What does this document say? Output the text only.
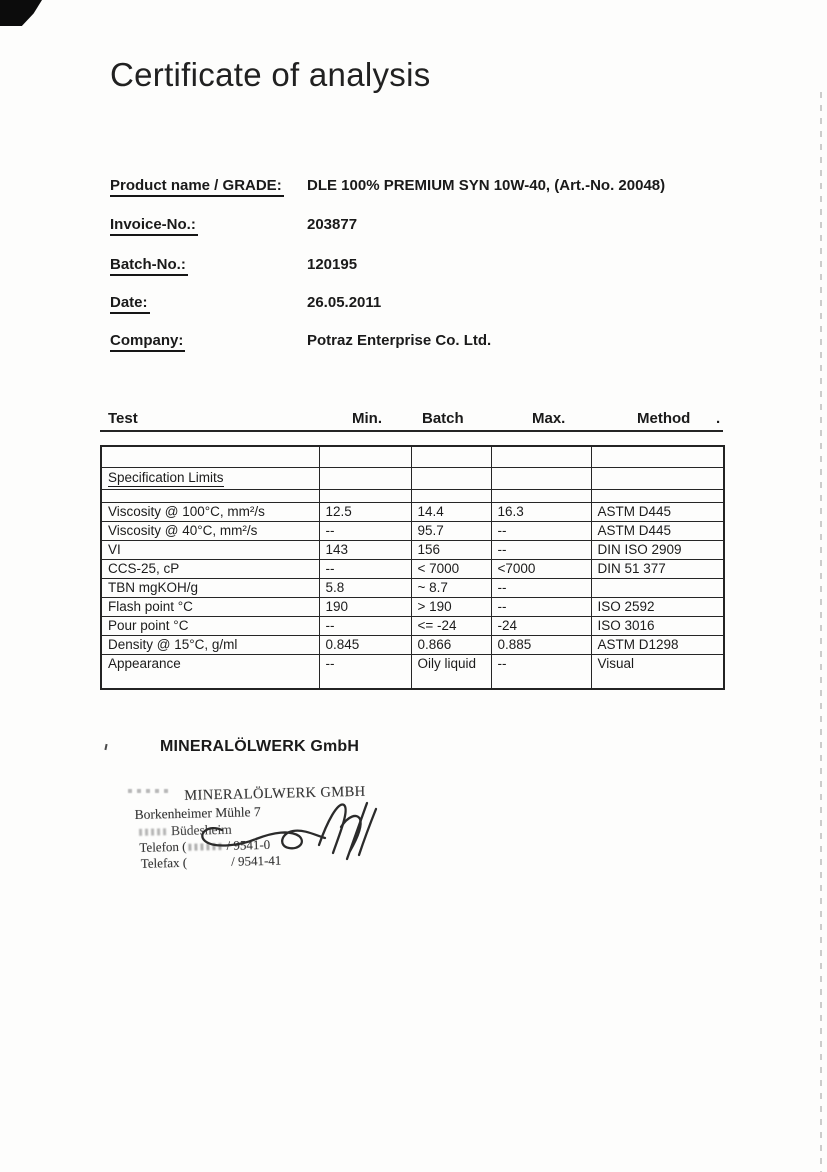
Certificate of analysis
Product name / GRADE: DLE 100% PREMIUM SYN 10W-40, (Art.-No. 20048)
Invoice-No.:	203877
Batch-No.:	120195
Date:	26.05.2011
Company:	Potraz Enterprise Co. Ltd.
Test	Min.	Batch	Max.	Method .

Specification Limits				

Viscosity @ 100°C, mm²/s	12.5	14.4	16.3	ASTM D445
Viscosity @ 40°C, mm²/s	--	95.7	--	ASTM D445
VI	143	156	--	DIN ISO 2909
CCS-25, cP	--	< 7000	<7000	DIN 51 377
TBN mgKOH/g	5.8	~ 8.7	--	
Flash point °C	190	> 190	--	ISO 2592
Pour point °C	--	<= -24	-24	ISO 3016
Density @ 15°C, g/ml	0.845	0.866	0.885	ASTM D1298
Appearance	--	Oily liquid	--	Visual
MINERALÖLWERK GmbH
MINERALÖLWERK GMBH
Borkenheimer Mühle 7
Büdesheim
Telefon (	/ 9541-0
Telefax (	/ 9541-41
